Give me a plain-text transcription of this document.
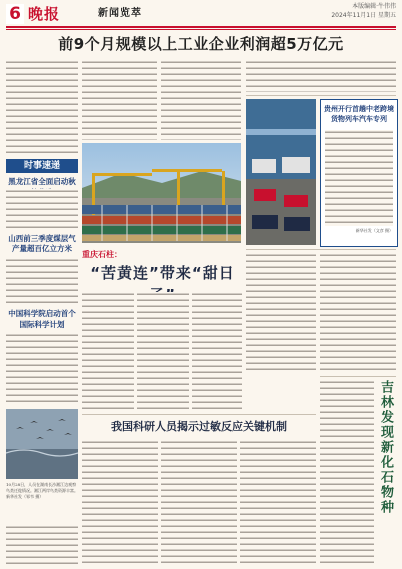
6 晚报	新闻览萃
本版编辑·牛伟伟
2024年11月1日 星期五
前9个月规模以上工业企业利润超5万亿元
时事速递
黑龙江省全面启动秋
山西前三季度煤层气产量超百亿立方米
中国科学院启动首个
国际科学计划
10月28日，人员在湖南长沙湘江边观察鸟类迁徙情况。湘江两岸鸟类资源丰富。新华社发（邹韦 摄）
贵州开行首趟中老跨境货物列车汽车专列
新华社发（文彦 摄）
重庆石柱：
“苦黄连”带来“甜日
我国科研人员揭示过敏反应关键机制	吉林发现新化石物种
